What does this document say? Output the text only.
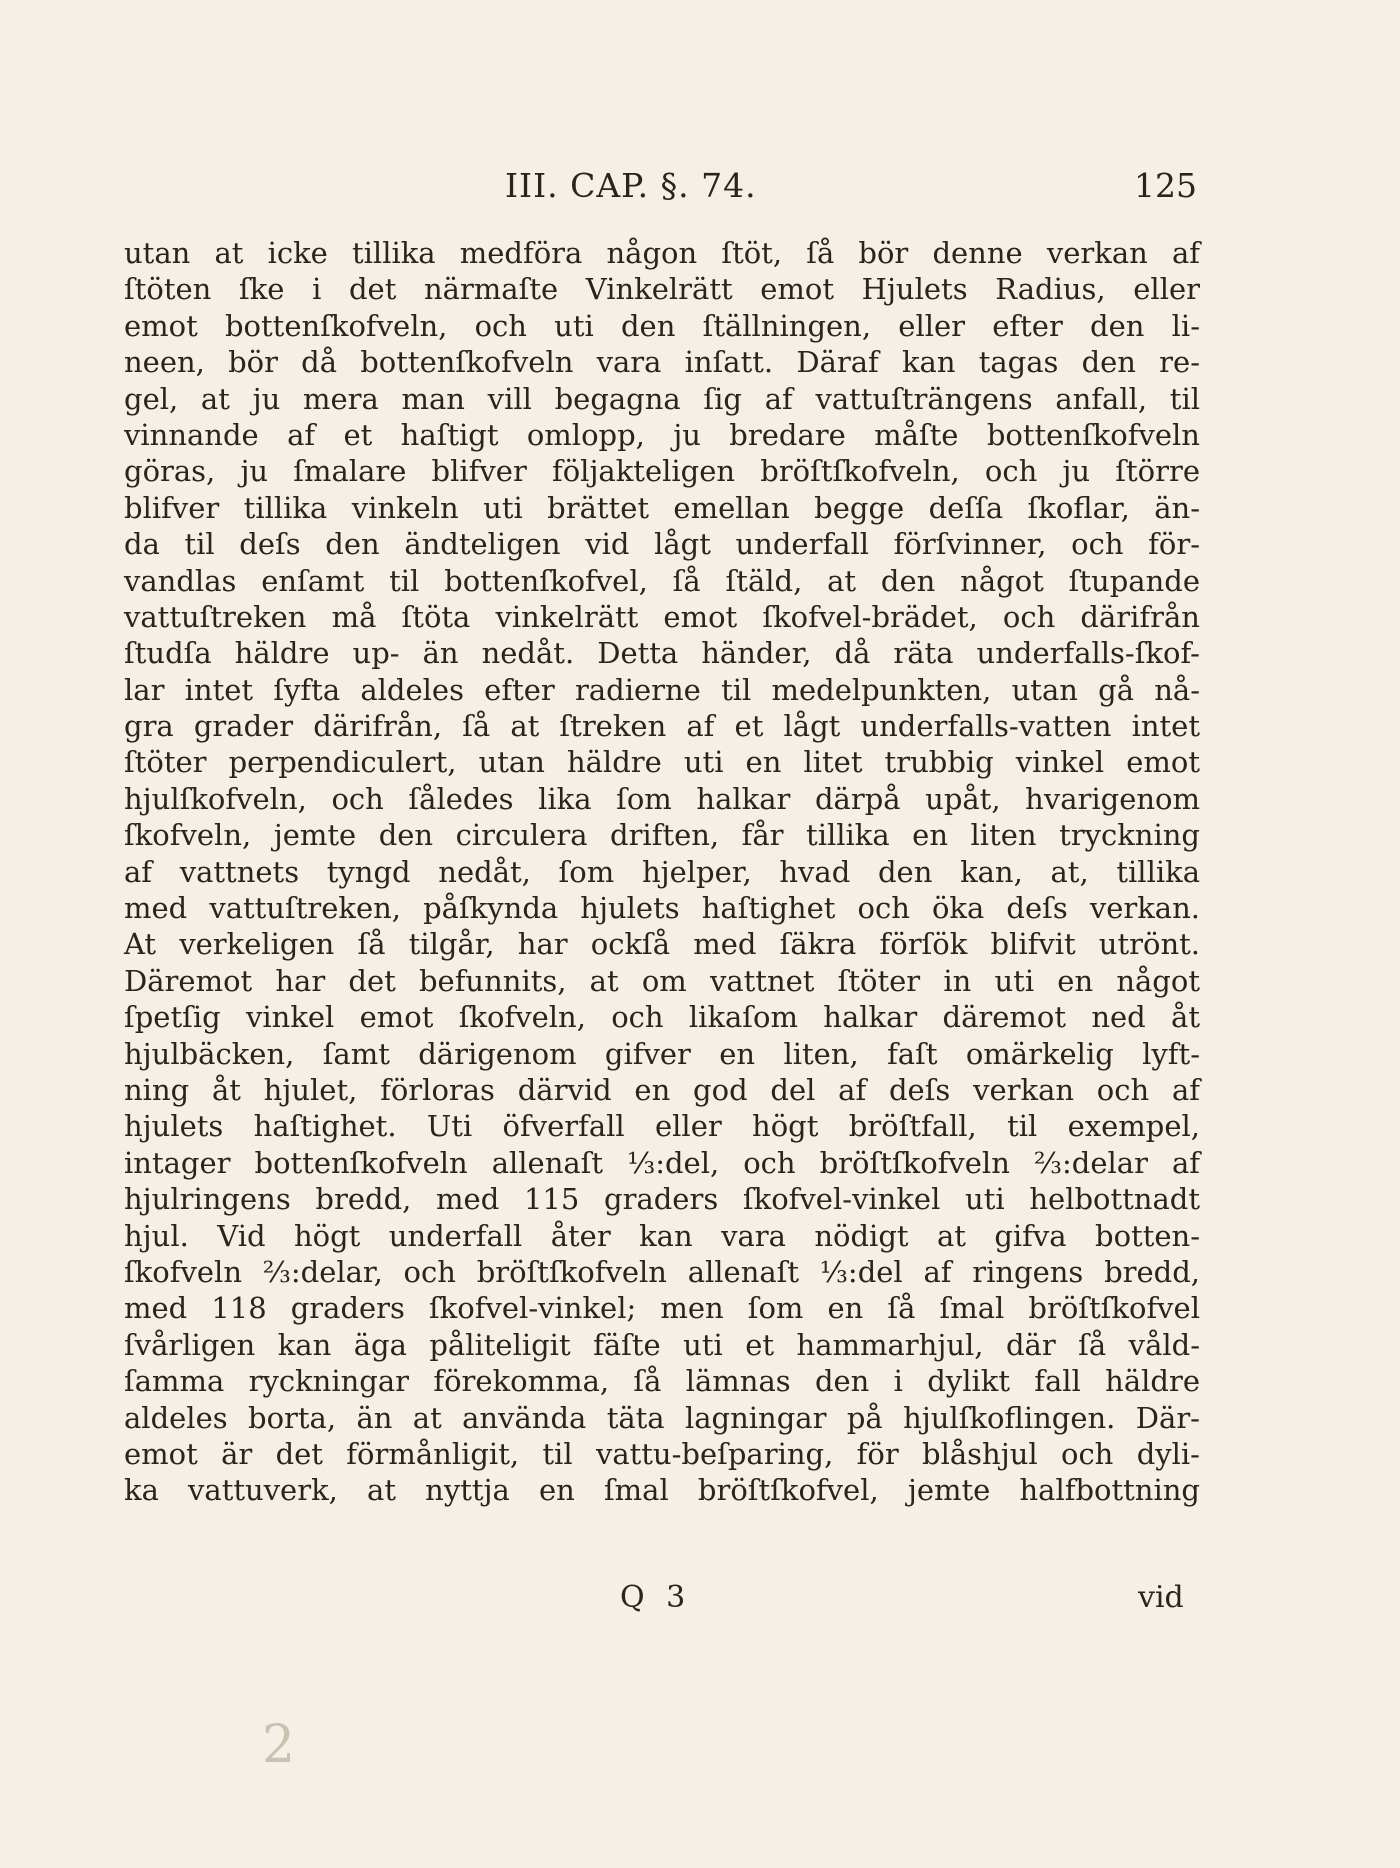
III. CAP. §. 74.	125
utan at icke tillika medföra någon ſtöt, ſå bör denne verkan af
ſtöten ſke i det närmaſte Vinkelrätt emot Hjulets Radius, eller
emot bottenſkofveln, och uti den ſtällningen, eller efter den li-
neen, bör då bottenſkofveln vara inſatt. Däraf kan tagas den re-
gel, at ju mera man vill begagna ſig af vattuſträngens anfall, til
vinnande af et haſtigt omlopp, ju bredare måſte bottenſkofveln
göras, ju ſmalare blifver följakteligen bröſtſkofveln, och ju ſtörre
blifver tillika vinkeln uti brättet emellan begge deſſa ſkoflar, än-
da til deſs den ändteligen vid lågt underfall förſvinner, och för-
vandlas enſamt til bottenſkofvel, ſå ſtäld, at den något ſtupande
vattuſtreken må ſtöta vinkelrätt emot ſkofvel-brädet, och därifrån
ſtudſa häldre up- än nedåt. Detta händer, då räta underfalls-ſkof-
lar intet ſyfta aldeles efter radierne til medelpunkten, utan gå nå-
gra grader därifrån, ſå at ſtreken af et lågt underfalls-vatten intet
ſtöter perpendiculert, utan häldre uti en litet trubbig vinkel emot
hjulſkofveln, och ſåledes lika ſom halkar därpå upåt, hvarigenom
ſkofveln, jemte den circulera driften, får tillika en liten tryckning
af vattnets tyngd nedåt, ſom hjelper, hvad den kan, at, tillika
med vattuſtreken, påſkynda hjulets haſtighet och öka deſs verkan.
At verkeligen ſå tilgår, har ockſå med ſäkra förſök blifvit utrönt.
Däremot har det befunnits, at om vattnet ſtöter in uti en något
ſpetſig vinkel emot ſkofveln, och likaſom halkar däremot ned åt
hjulbäcken, ſamt därigenom gifver en liten, faſt omärkelig lyft-
ning åt hjulet, förloras därvid en god del af deſs verkan och af
hjulets haſtighet. Uti öfverfall eller högt bröſtfall, til exempel,
intager bottenſkofveln allenaſt ⅓:del, och bröſtſkofveln ⅔:delar af
hjulringens bredd, med 115 graders ſkofvel-vinkel uti helbottnadt
hjul. Vid högt underfall åter kan vara nödigt at gifva botten-
ſkofveln ⅔:delar, och bröſtſkofveln allenaſt ⅓:del af ringens bredd,
med 118 graders ſkofvel-vinkel; men ſom en ſå ſmal bröſtſkofvel
ſvårligen kan äga påliteligit fäſte uti et hammarhjul, där ſå våld-
ſamma ryckningar förekomma, ſå lämnas den i dylikt fall häldre
aldeles borta, än at använda täta lagningar på hjulſkoflingen. Där-
emot är det förmånligit, til vattu-beſparing, för blåshjul och dyli-
ka vattuverk, at nyttja en ſmal bröſtſkofvel, jemte halfbottning
Q 3	vid
2
